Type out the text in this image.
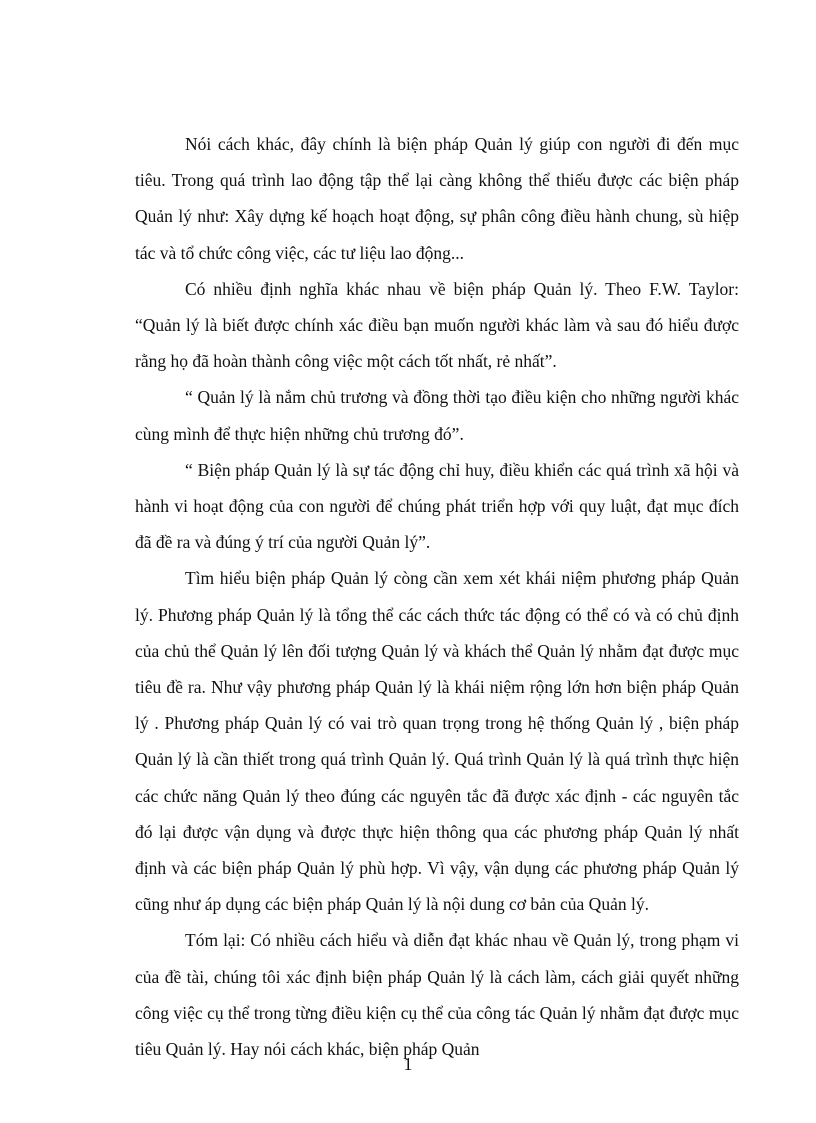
Nói cách khác, đây chính là biện pháp Quản lý giúp con người đi đến mục tiêu. Trong quá trình lao động tập thể lại càng không thể thiếu được các biện pháp Quản lý như: Xây dựng kế hoạch hoạt động, sự phân công điều hành chung, sù hiệp tác và tổ chức công việc, các tư liệu lao động...

Có nhiều định nghĩa khác nhau về biện pháp Quản lý. Theo F.W. Taylor: “Quản lý là biết được chính xác điều bạn muốn người khác làm và sau đó hiểu được rằng họ đã hoàn thành công việc một cách tốt nhất, rẻ nhất”.

“ Quản lý là nắm chủ trương và đồng thời tạo điều kiện cho những người khác cùng mình để thực hiện những chủ trương đó”.

“ Biện pháp Quản lý là sự tác động chỉ huy, điều khiển các quá trình xã hội và hành vi hoạt động của con người để chúng phát triển hợp với quy luật, đạt mục đích đã đề ra và đúng ý trí của người Quản lý”.

Tìm hiểu biện pháp Quản lý còng cần xem xét khái niệm phương pháp Quản lý. Phương pháp Quản lý là tổng thể các cách thức tác động có thể có và có chủ định của chủ thể Quản lý lên đối tượng Quản lý và khách thể Quản lý nhằm đạt được mục tiêu đề ra. Như vậy phương pháp Quản lý là khái niệm rộng lớn hơn biện pháp Quản lý . Phương pháp Quản lý có vai trò quan trọng trong hệ thống Quản lý , biện pháp Quản lý là cần thiết trong quá trình Quản lý. Quá trình Quản lý là quá trình thực hiện các chức năng Quản lý theo đúng các nguyên tắc đã được xác định - các nguyên tắc đó lại được vận dụng và được thực hiện thông qua các phương pháp Quản lý nhất định và các biện pháp Quản lý phù hợp. Vì vậy, vận dụng các phương pháp Quản lý cũng như áp dụng các biện pháp Quản lý là nội dung cơ bản của Quản lý.

Tóm lại: Có nhiều cách hiểu và diễn đạt khác nhau về Quản lý, trong phạm vi của đề tài, chúng tôi xác định biện pháp Quản lý là cách làm, cách giải quyết những công việc cụ thể trong từng điều kiện cụ thể của công tác Quản lý nhằm đạt được mục tiêu Quản lý. Hay nói cách khác, biện pháp Quản

1
